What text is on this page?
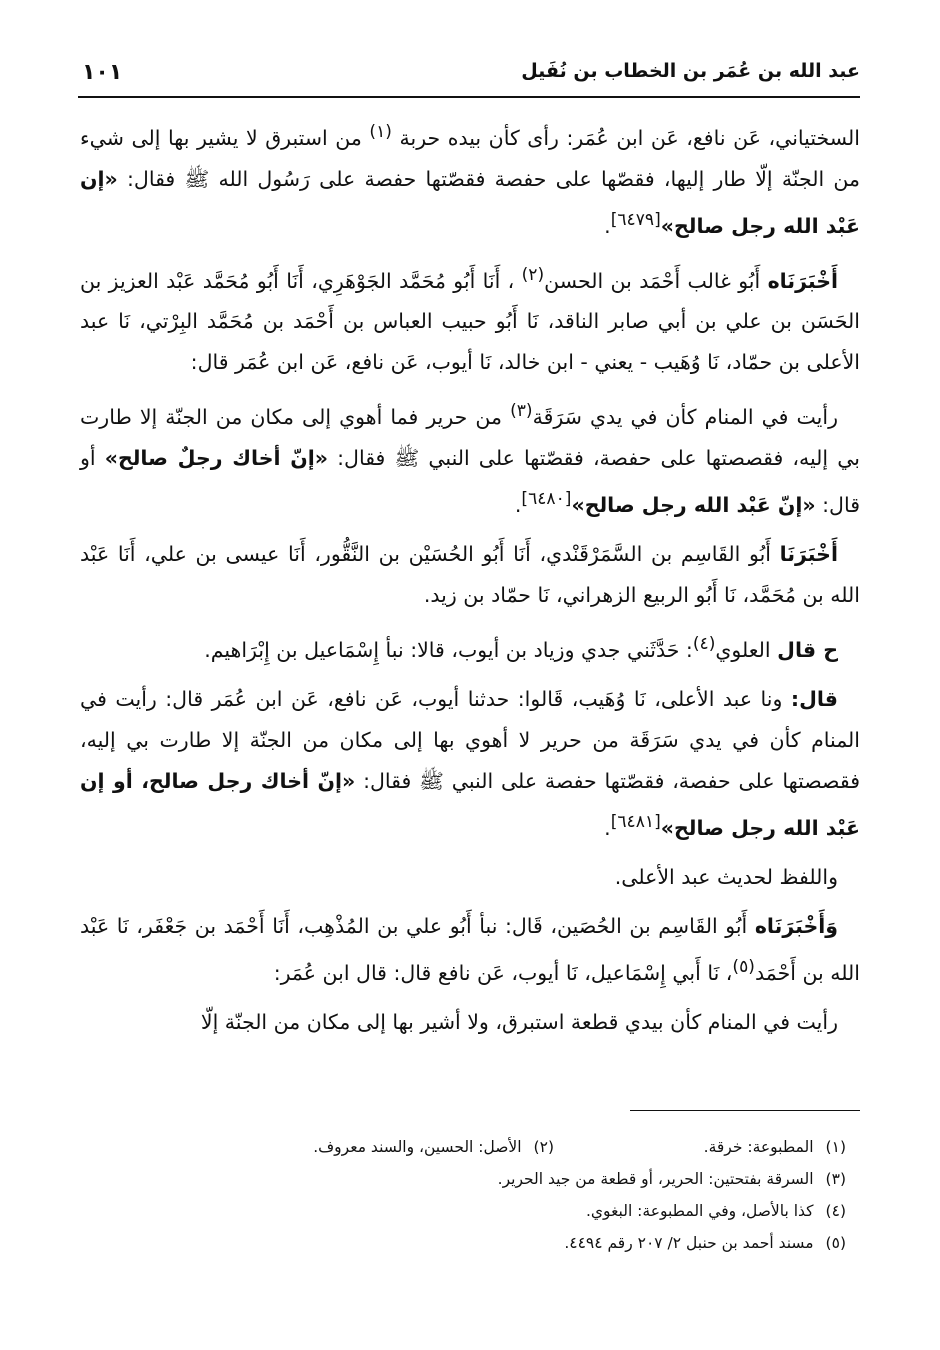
عبد الله بن عُمَر بن الخطاب بن نُفَيل
١٠١

السختياني، عَن نافع، عَن ابن عُمَر: رأى كأن بيده حربة $^{(١)}$ من استبرق لا يشير بها إلى شيء من الجنّة إلّا طار إليها، فقصّها على حفصة فقصّتها حفصة على رَسُول الله ﷺ فقال: «إن عَبْد الله رجل صالح»[٦٤٧٩].

أَخْبَرَنَاه أَبُو غالب أَحْمَد بن الحسن$^{(٢)}$ ، أَنَا أَبُو مُحَمَّد الجَوْهَرِي، أَنَا أَبُو مُحَمَّد عَبْد العزيز بن الحَسَن بن علي بن أبي صابر الناقد، نَا أَبُو حبيب العباس بن أَحْمَد بن مُحَمَّد البِرْتي، نَا عبد الأعلى بن حمّاد، نَا وُهَيب - يعني - ابن خالد، نَا أيوب، عَن نافع، عَن ابن عُمَر قال:

رأيت في المنام كأن في يدي سَرَقَة$^{(٣)}$ من حرير فما أهوي إلى مكان من الجنّة إلا طارت بي إليه، فقصصتها على حفصة، فقصّتها على النبي ﷺ فقال: «إنّ أخاك رجلٌ صالح» أو قال: «إنّ عَبْد الله رجل صالح»[٦٤٨٠].

أَخْبَرَنَا أَبُو القَاسِم بن السَّمَرْقَنْدي، أَنَا أَبُو الحُسَيْن بن النَّقُّور، أَنَا عيسى بن علي، أَنَا عَبْد الله بن مُحَمَّد، نَا أَبُو الربيع الزهراني، نَا حمّاد بن زيد.

ح قال العلوي$^{(٤)}$: حَدَّثَني جدي وزياد بن أيوب، قالا: نبأ إِسْمَاعيل بن إِبْرَاهيم.

قال: ونا عبد الأعلى، نَا وُهَيب، قَالوا: حدثنا أيوب، عَن نافع، عَن ابن عُمَر قال: رأيت في المنام كأن في يدي سَرَقَة من حرير لا أهوي بها إلى مكان من الجنّة إلا طارت بي إليه، فقصصتها على حفصة، فقصّتها حفصة على النبي ﷺ فقال: «إنّ أخاك رجل صالح، أو إن عَبْد الله رجل صالح»[٦٤٨١].

واللفظ لحديث عبد الأعلى.

وَأَخْبَرَنَاه أَبُو القَاسِم بن الحُصَين، قَال: نبأ أَبُو علي بن المُذْهِب، أَنَا أَحْمَد بن جَعْفَر، نَا عَبْد الله بن أَحْمَد$^{(٥)}$، نَا أَبي إِسْمَاعيل، نَا أيوب، عَن نافع قال: قال ابن عُمَر:

رأيت في المنام كأن بيدي قطعة استبرق، ولا أشير بها إلى مكان من الجنّة إلّا

(١)
المطبوعة: خرقة.
(٢)
الأصل: الحسين، والسند معروف.
(٣)
السرقة بفتحتين: الحرير، أو قطعة من جيد الحرير.
(٤)
كذا بالأصل، وفي المطبوعة: البغوي.
(٥)
مسند أحمد بن حنبل ٢/ ٢٠٧ رقم ٤٤٩٤.
